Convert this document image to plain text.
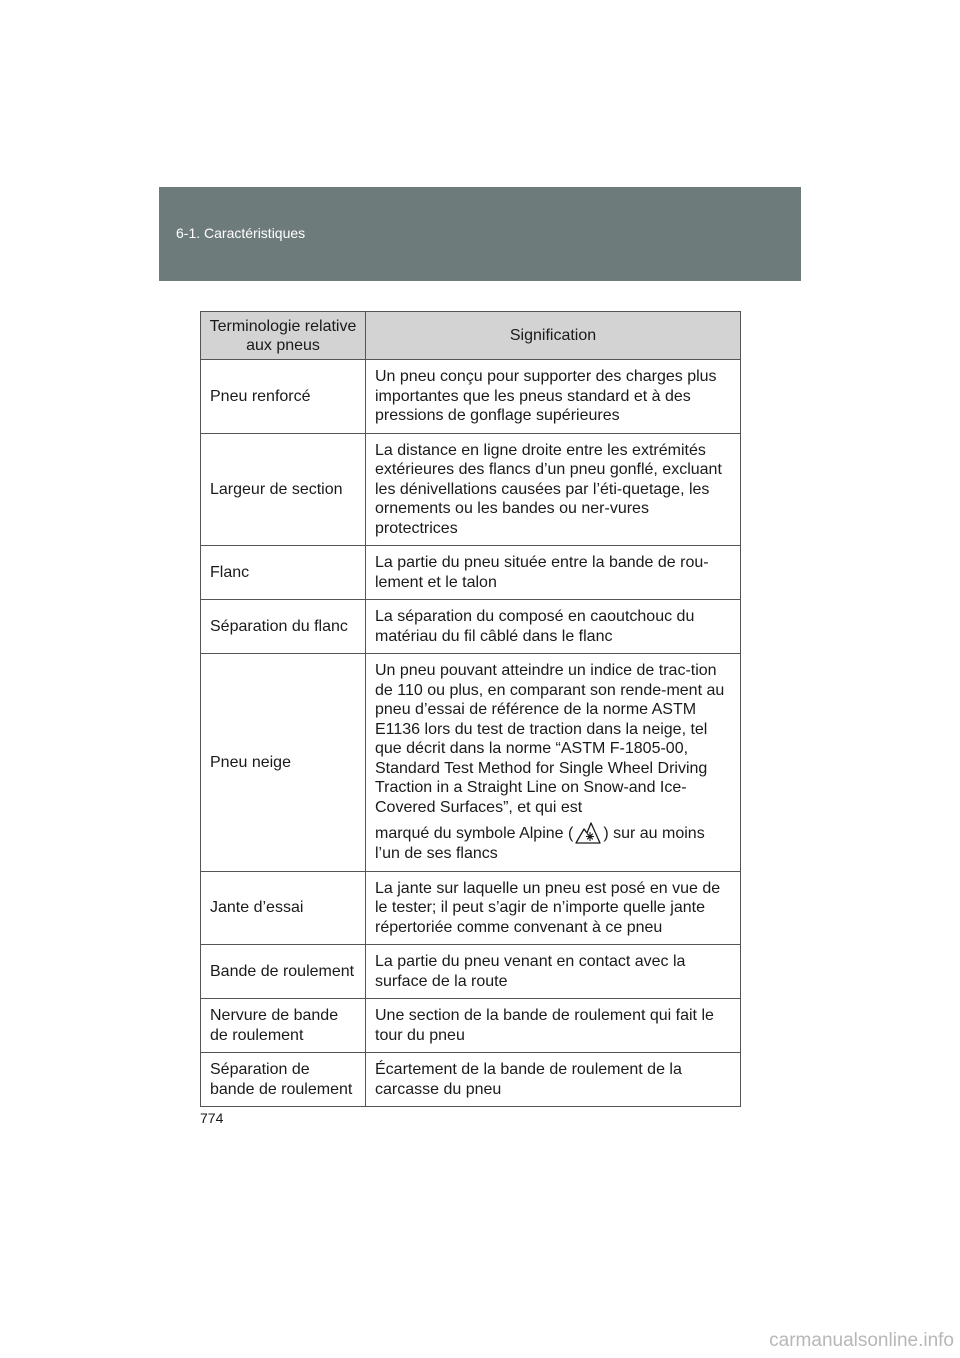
6-1. Caractéristiques
Terminologie relative aux pneus	Signification
Pneu renforcé	Un pneu conçu pour supporter des charges plus importantes que les pneus standard et à des pressions de gonflage supérieures
Largeur de section	La distance en ligne droite entre les extrémités extérieures des flancs d’un pneu gonflé, excluant les dénivellations causées par l’éti-quetage, les ornements ou les bandes ou ner-vures protectrices
Flanc	La partie du pneu située entre la bande de rou-lement et le talon
Séparation du flanc	La séparation du composé en caoutchouc du matériau du fil câblé dans le flanc
Pneu neige	Un pneu pouvant atteindre un indice de trac-tion de 110 ou plus, en comparant son rende-ment au pneu d’essai de référence de la norme ASTM E1136 lors du test de traction dans la neige, tel que décrit dans la norme “ASTM F-1805-00, Standard Test Method for Single Wheel Driving Traction in a Straight Line on Snow-and Ice-Covered Surfaces”, et qui est
marqué du symbole Alpine ( ) sur au moins
l’un de ses flancs
Jante d’essai	La jante sur laquelle un pneu est posé en vue de le tester; il peut s’agir de n’importe quelle jante répertoriée comme convenant à ce pneu
Bande de roulement	La partie du pneu venant en contact avec la surface de la route
Nervure de bande de roulement	Une section de la bande de roulement qui fait le tour du pneu
Séparation de bande de roulement	Écartement de la bande de roulement de la carcasse du pneu
774
carmanualsonline.info
